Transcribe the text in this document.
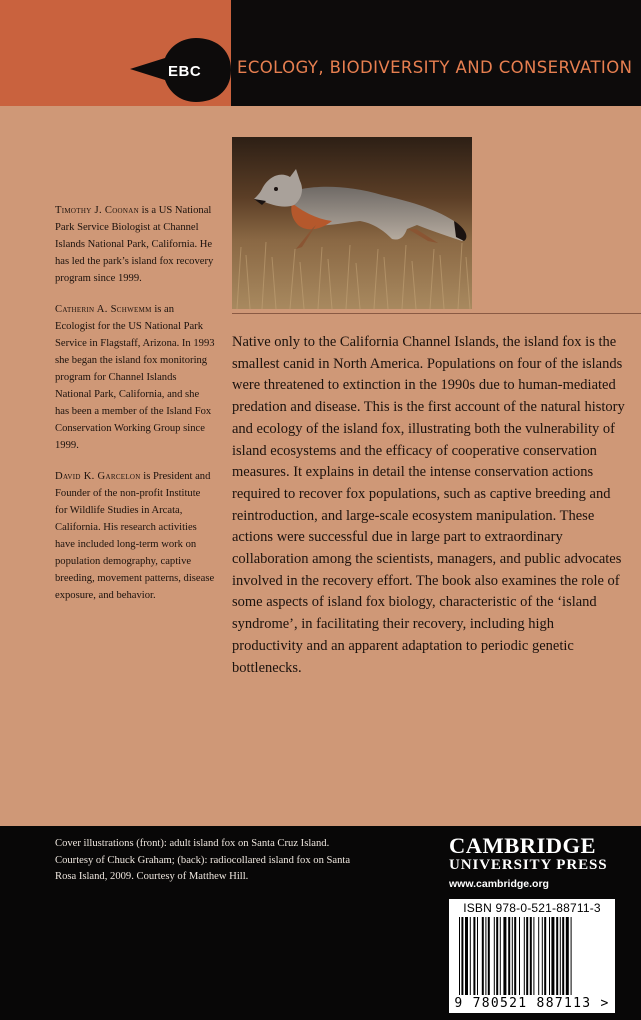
ECOLOGY, BIODIVERSITY AND CONSERVATION
EBC

Timothy J. Coonan is a US National Park Service Biologist at Channel Islands National Park, California. He has led the park’s island fox recovery program since 1999.

Catherin A. Schwemm is an Ecologist for the US National Park Service in Flagstaff, Arizona. In 1993 she began the island fox monitoring program for Channel Islands National Park, California, and she has been a member of the Island Fox Conservation Working Group since 1999.

David K. Garcelon is President and Founder of the non-profit Institute for Wildlife Studies in Arcata, California. His research activities have included long-term work on population demography, captive breeding, movement patterns, disease exposure, and behavior.

Native only to the California Channel Islands, the island fox is the smallest canid in North America. Populations on four of the islands were threatened to extinction in the 1990s due to human-mediated predation and disease. This is the first account of the natural history and ecology of the island fox, illustrating both the vulnerability of island ecosystems and the efficacy of cooperative conservation measures. It explains in detail the intense conservation actions required to recover fox populations, such as captive breeding and reintroduction, and large-scale ecosystem manipulation. These actions were successful due in large part to extraordinary collaboration among the scientists, managers, and public advocates involved in the recovery effort. The book also examines the role of some aspects of island fox biology, characteristic of the ‘island syndrome’, in facilitating their recovery, including high productivity and an apparent adaptation to periodic genetic bottlenecks.

Cover illustrations (front): adult island fox on Santa Cruz Island. Courtesy of Chuck Graham; (back): radiocollared island fox on Santa Rosa Island, 2009. Courtesy of Matthew Hill.

CAMBRIDGE
UNIVERSITY PRESS
www.cambridge.org
ISBN 978-0-521-88711-3
9 780521 887113 >
